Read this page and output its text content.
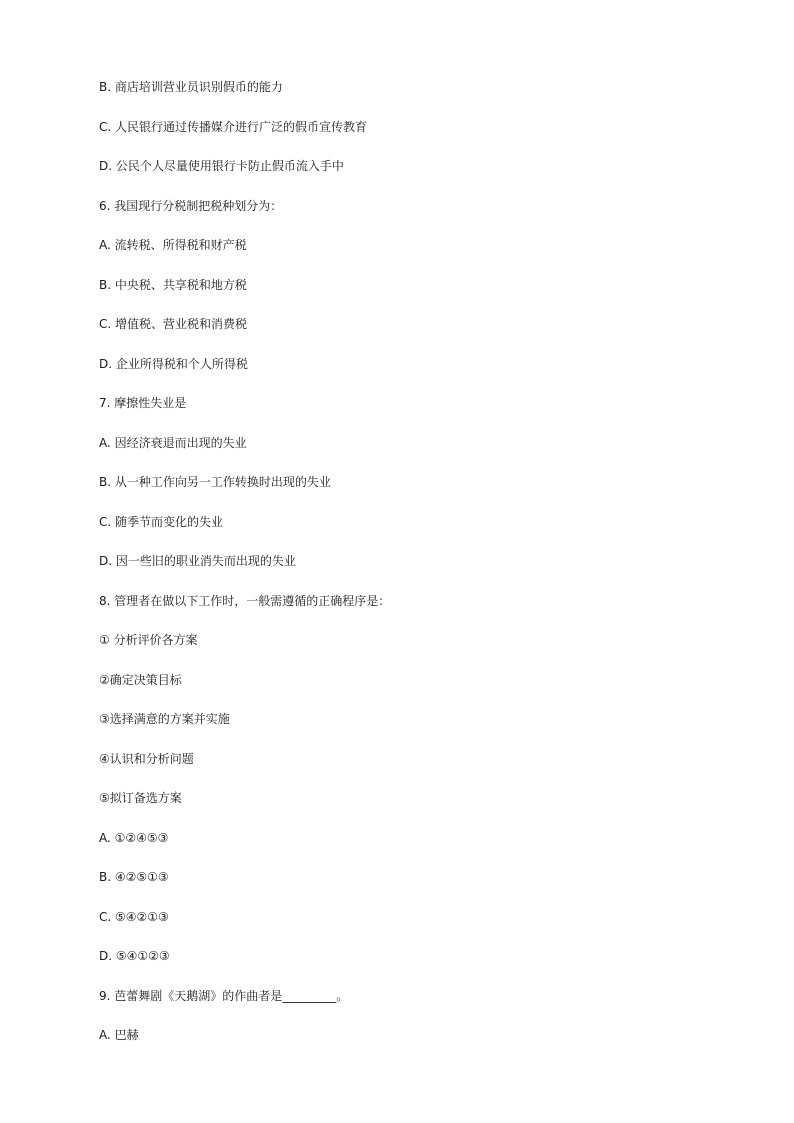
B. 商店培训营业员识别假币的能力
C. 人民银行通过传播媒介进行广泛的假币宣传教育
D. 公民个人尽量使用银行卡防止假币流入手中
6. 我国现行分税制把税种划分为：
A. 流转税、所得税和财产税
B. 中央税、共享税和地方税
C. 增值税、营业税和消费税
D. 企业所得税和个人所得税
7. 摩擦性失业是
A. 因经济衰退而出现的失业
B. 从一种工作向另一工作转换时出现的失业
C. 随季节而变化的失业
D. 因一些旧的职业消失而出现的失业
8. 管理者在做以下工作时，一般需遵循的正确程序是：
① 分析评价各方案
②确定决策目标
③选择满意的方案并实施
④认识和分析问题
⑤拟订备选方案
A. ①②④⑤③
B. ④②⑤①③
C. ⑤④②①③
D. ⑤④①②③
9. 芭蕾舞剧《天鹅湖》的作曲者是_________。
A. 巴赫
